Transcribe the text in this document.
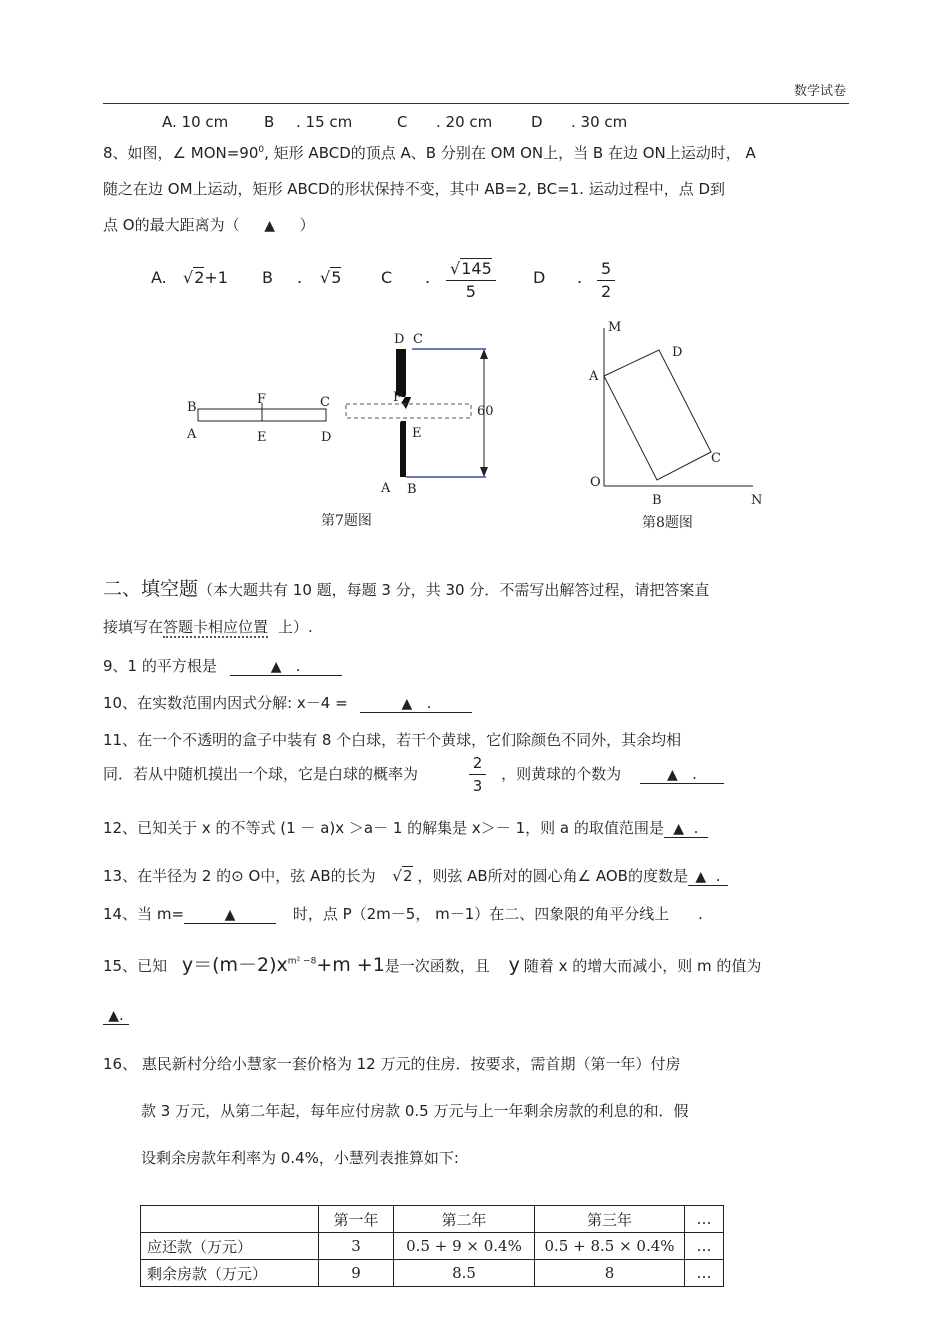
数学试卷
A. 10 cm B . 15 cm	C . 20 cm	D . 30 cm
8、如图，∠ $MON=90^0$, 矩形 ABCD的顶点 A、B 分别在 OM ON上，当 B 在边 ON上运动时， A
随之在边 OM上运动，矩形 ABCD的形状保持不变，其中 AB=2, BC=1. 运动过程中，点 D到
点 O的最大距离为（ ▲ ）
A. √2+1 B . √5 C . $\frac{√145}{5}$ D . $\frac{5}{2}$
B
F	C
A	E	D
60
D C
F
E
A B
第7题图
M
A
D
C
O
B	N
第8题图
二、填空题（本大题共有 10 题，每题 3 分，共 30 分．不需写出解答过程，请把答案直
接填写在答题卡相应位置 上）.
9、1 的平方根是	▲ .
10、在实数范围内因式分解: x－4 =	▲ .
11、在一个不透明的盒子中装有 8 个白球，若干个黄球，它们除颜色不同外，其余均相
同．若从中随机摸出一个球，它是白球的概率为	$\frac{2}{3}$ ，则黄球的个数为	▲ .
12、已知关于 x 的不等式 (1 － a)x ＞a－ 1 的解集是 x＞－ 1，则 a 的取值范围是 ▲ .
13、在半径为 2 的⊙ O中，弦 AB的长为 √2 ，则弦 AB所对的圆心角∠ AOB的度数是 ▲ .
14、当 m=	▲	时，点 P（2m－5， m－1）在二、四象限的角平分线上 .
15、已知 $y=(m-2)x^{m^2 -8}+m +1$是一次函数，且 y 随着 x 的增大而减小，则 m 的值为
▲.
16、 惠民新村分给小慧家一套价格为 12 万元的住房．按要求，需首期（第一年）付房
款 3 万元，从第二年起，每年应付房款 0.5 万元与上一年剩余房款的利息的和．假
设剩余房款年利率为 0.4%，小慧列表推算如下:
	第一年	第二年	第三年	…
应还款（万元）	3	0.5 + 9 × 0.4%	0.5 + 8.5 × 0.4%	…
剩余房款（万元）	9	8.5	8	…
